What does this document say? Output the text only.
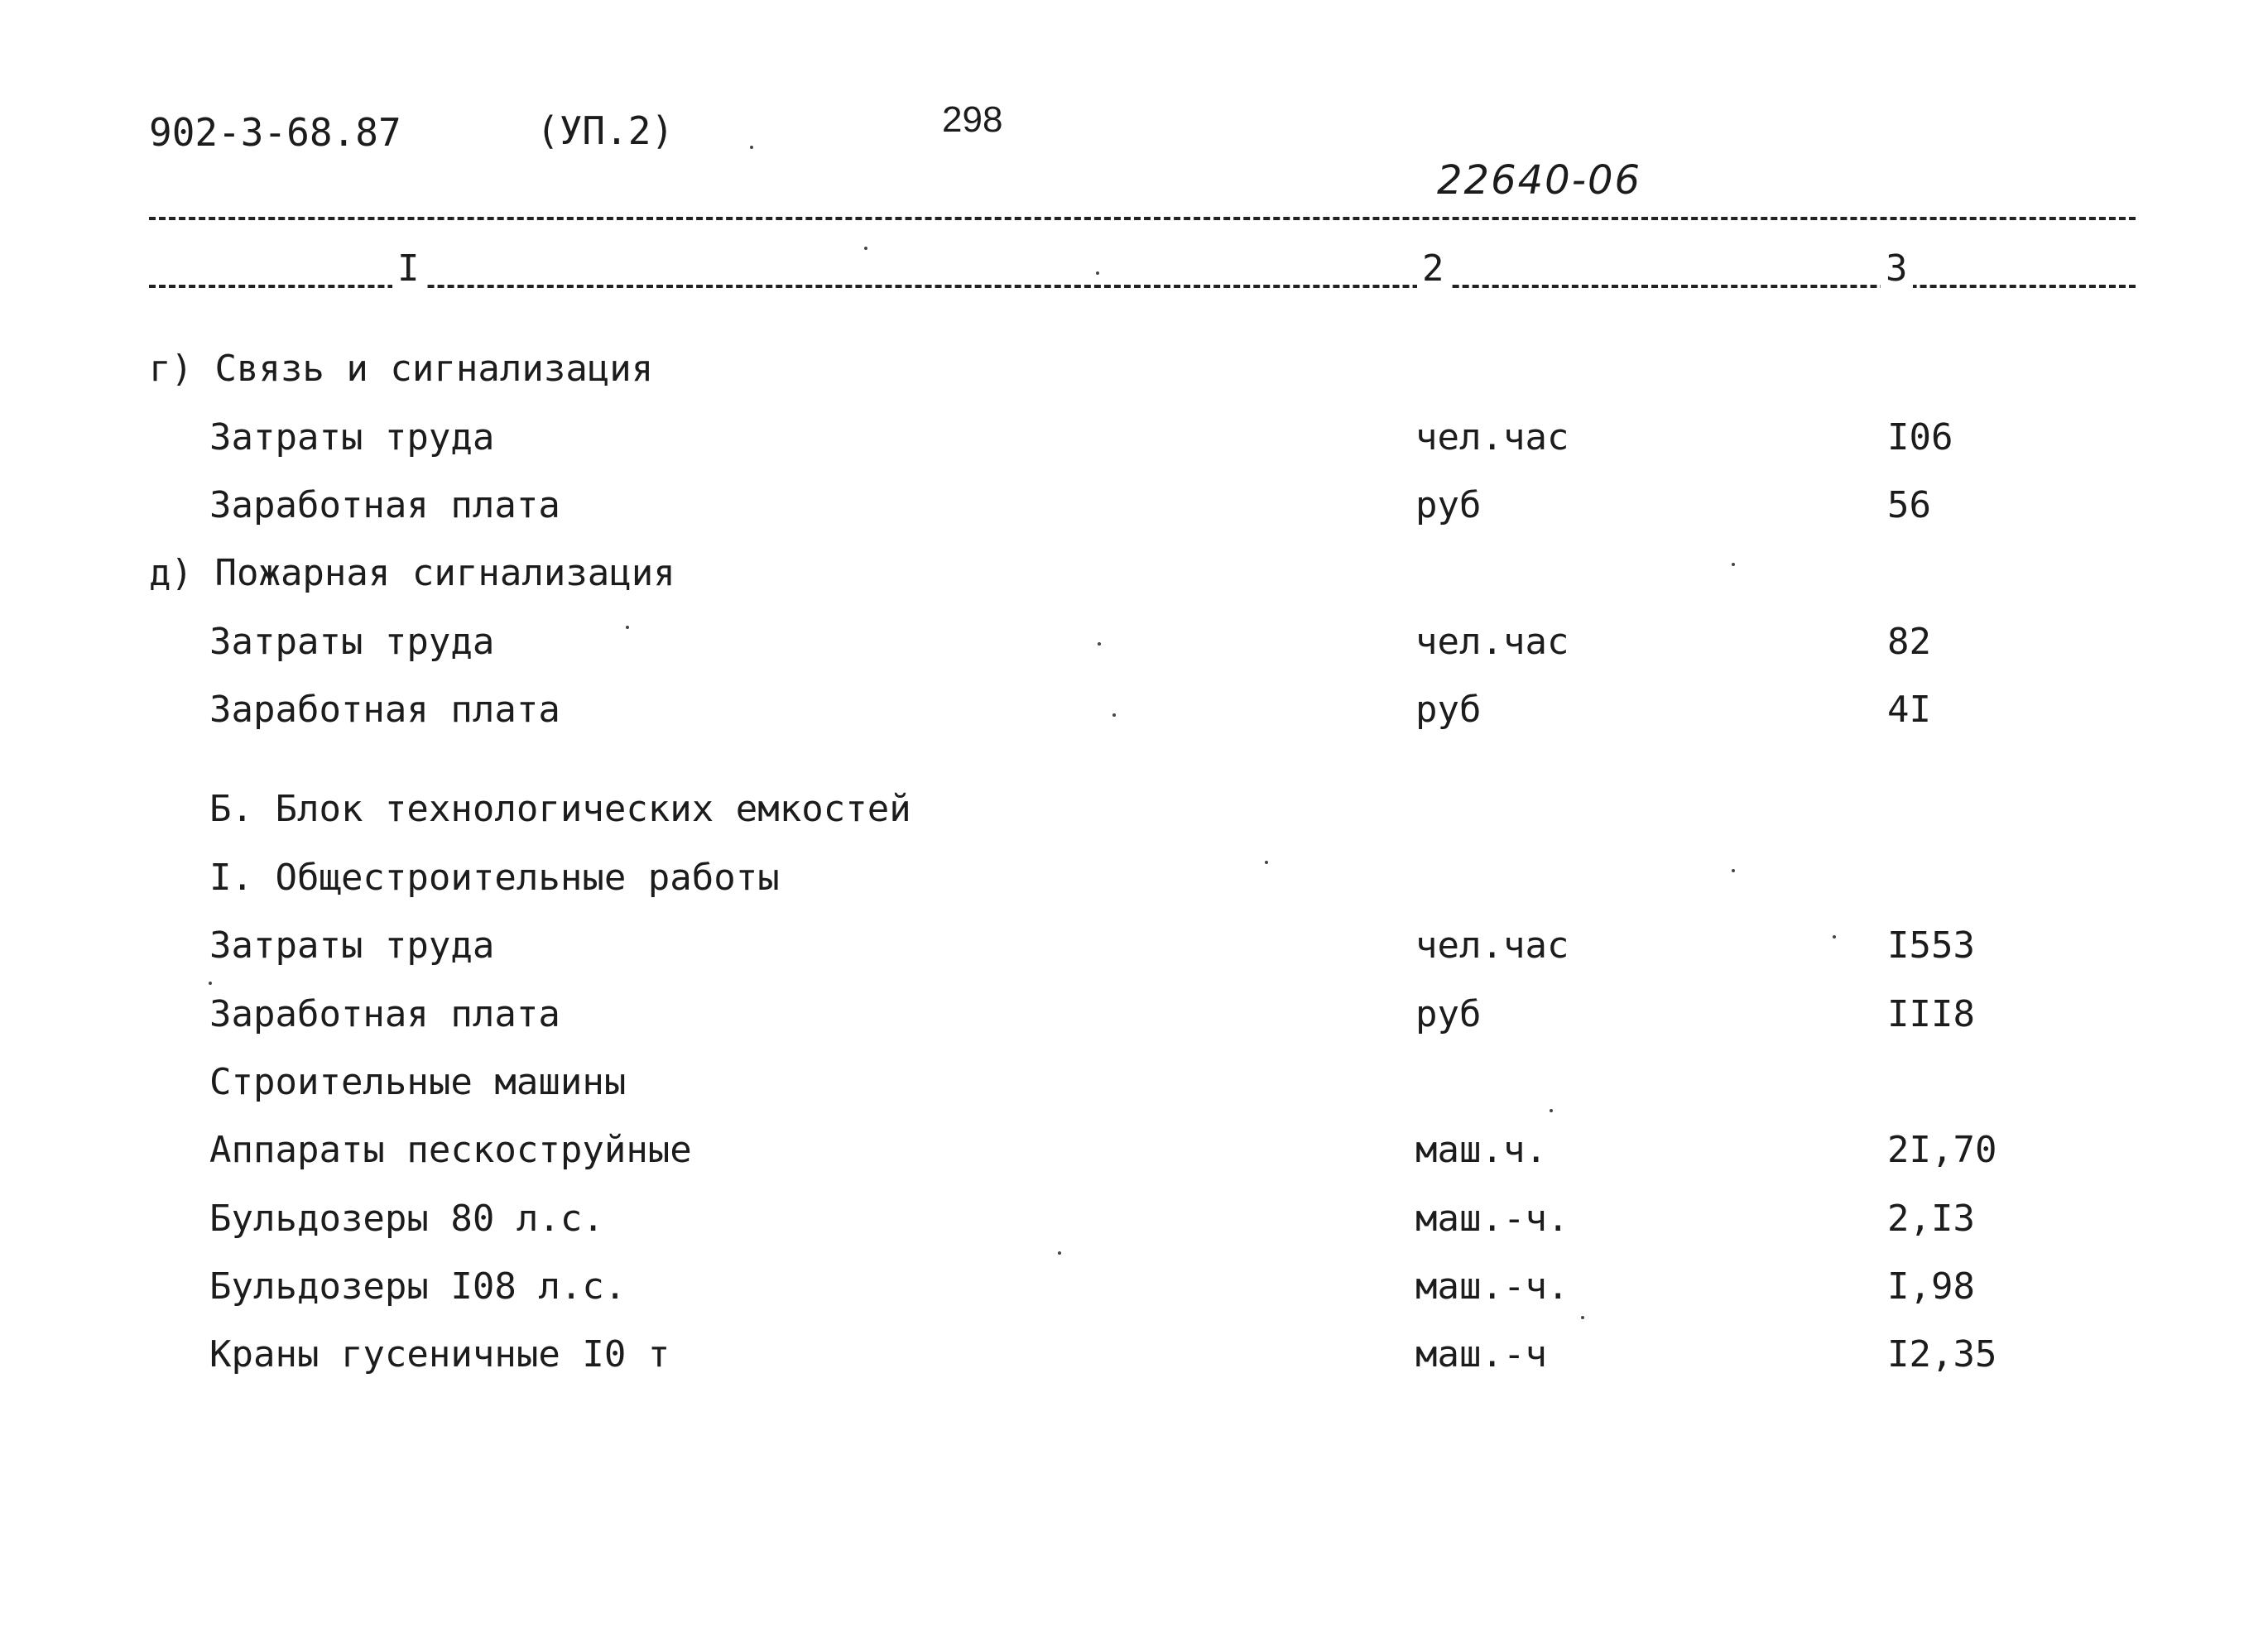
902-3-68.87	(УП.2)	298
22640-06
I	2	3
г) Связь и сигнализация
Затраты труда	чел.час	I06
Заработная плата	руб	56
д) Пожарная сигнализация
Затраты труда	чел.час	82
Заработная плата	руб	4I
Б. Блок технологических емкостей
I. Общестроительные работы
Затраты труда	чел.час	I553
Заработная плата	руб	III8
Строительные машины
Аппараты пескоструйные	маш.ч.	2I,70
Бульдозеры 80 л.с.	маш.-ч.	2,I3
Бульдозеры I08 л.с.	маш.-ч.	I,98
Краны гусеничные I0 т	маш.-ч	I2,35
